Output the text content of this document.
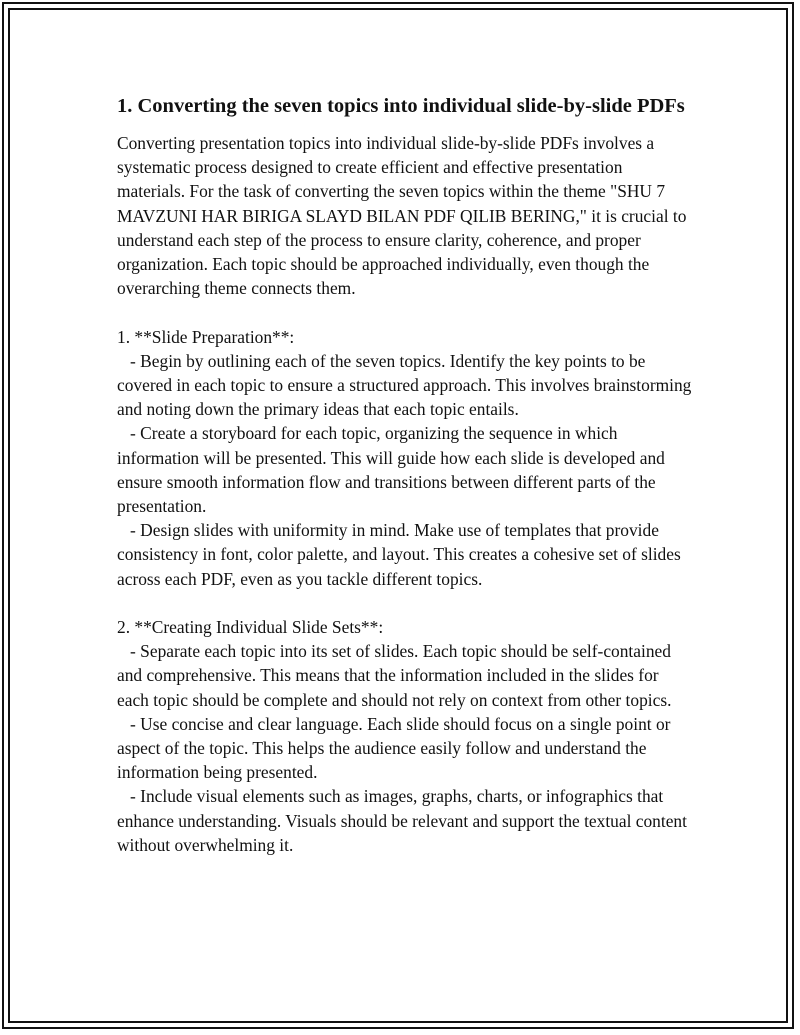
1. Converting the seven topics into individual slide-by-slide PDFs

Converting presentation topics into individual slide-by-slide PDFs involves a systematic process designed to create efficient and effective presentation materials. For the task of converting the seven topics within the theme "SHU 7 MAVZUNI HAR BIRIGA SLAYD BILAN PDF QILIB BERING," it is crucial to understand each step of the process to ensure clarity, coherence, and proper organization. Each topic should be approached individually, even though the overarching theme connects them.

1. **Slide Preparation**:

- Begin by outlining each of the seven topics. Identify the key points to be covered in each topic to ensure a structured approach. This involves brainstorming and noting down the primary ideas that each topic entails.

- Create a storyboard for each topic, organizing the sequence in which information will be presented. This will guide how each slide is developed and ensure smooth information flow and transitions between different parts of the presentation.

- Design slides with uniformity in mind. Make use of templates that provide consistency in font, color palette, and layout. This creates a cohesive set of slides across each PDF, even as you tackle different topics.

2. **Creating Individual Slide Sets**:

- Separate each topic into its set of slides. Each topic should be self-contained and comprehensive. This means that the information included in the slides for each topic should be complete and should not rely on context from other topics.

- Use concise and clear language. Each slide should focus on a single point or aspect of the topic. This helps the audience easily follow and understand the information being presented.

- Include visual elements such as images, graphs, charts, or infographics that enhance understanding. Visuals should be relevant and support the textual content without overwhelming it.
